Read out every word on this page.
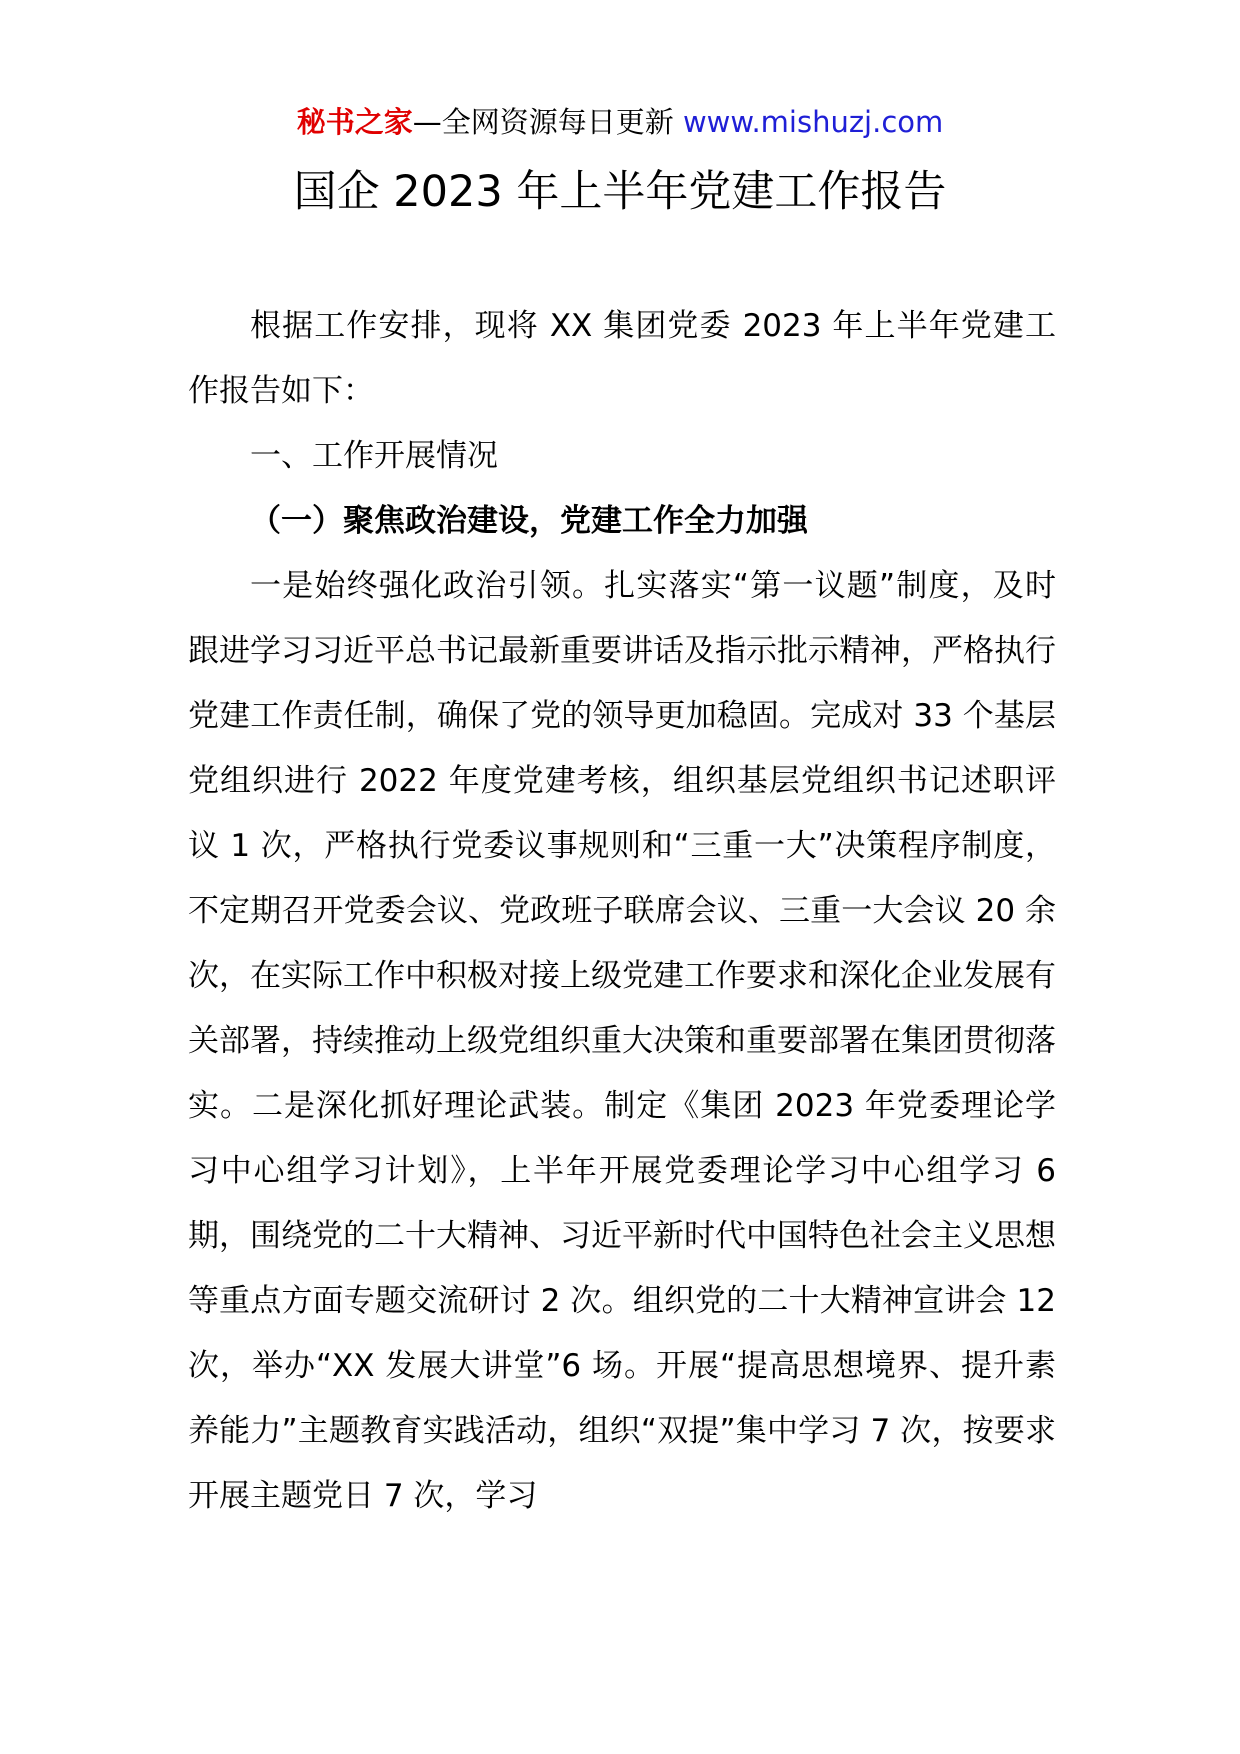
秘书之家—全网资源每日更新 www.mishuzj.com
国企 2023 年上半年党建工作报告

根据工作安排，现将 XX 集团党委 2023 年上半年党建工作报告如下：

一、工作开展情况

（一）聚焦政治建设，党建工作全力加强

一是始终强化政治引领。扎实落实“第一议题”制度，及时跟进学习习近平总书记最新重要讲话及指示批示精神，严格执行党建工作责任制，确保了党的领导更加稳固。完成对 33 个基层党组织进行 2022 年度党建考核，组织基层党组织书记述职评议 1 次，严格执行党委议事规则和“三重一大”决策程序制度，不定期召开党委会议、党政班子联席会议、三重一大会议 20 余次，在实际工作中积极对接上级党建工作要求和深化企业发展有关部署，持续推动上级党组织重大决策和重要部署在集团贯彻落实。二是深化抓好理论武装。制定《集团 2023 年党委理论学习中心组学习计划》，上半年开展党委理论学习中心组学习 6 期，围绕党的二十大精神、习近平新时代中国特色社会主义思想等重点方面专题交流研讨 2 次。组织党的二十大精神宣讲会 12 次，举办“XX 发展大讲堂”6 场。开展“提高思想境界、提升素养能力”主题教育实践活动，组织“双提”集中学习 7 次，按要求开展主题党日 7 次，学习
